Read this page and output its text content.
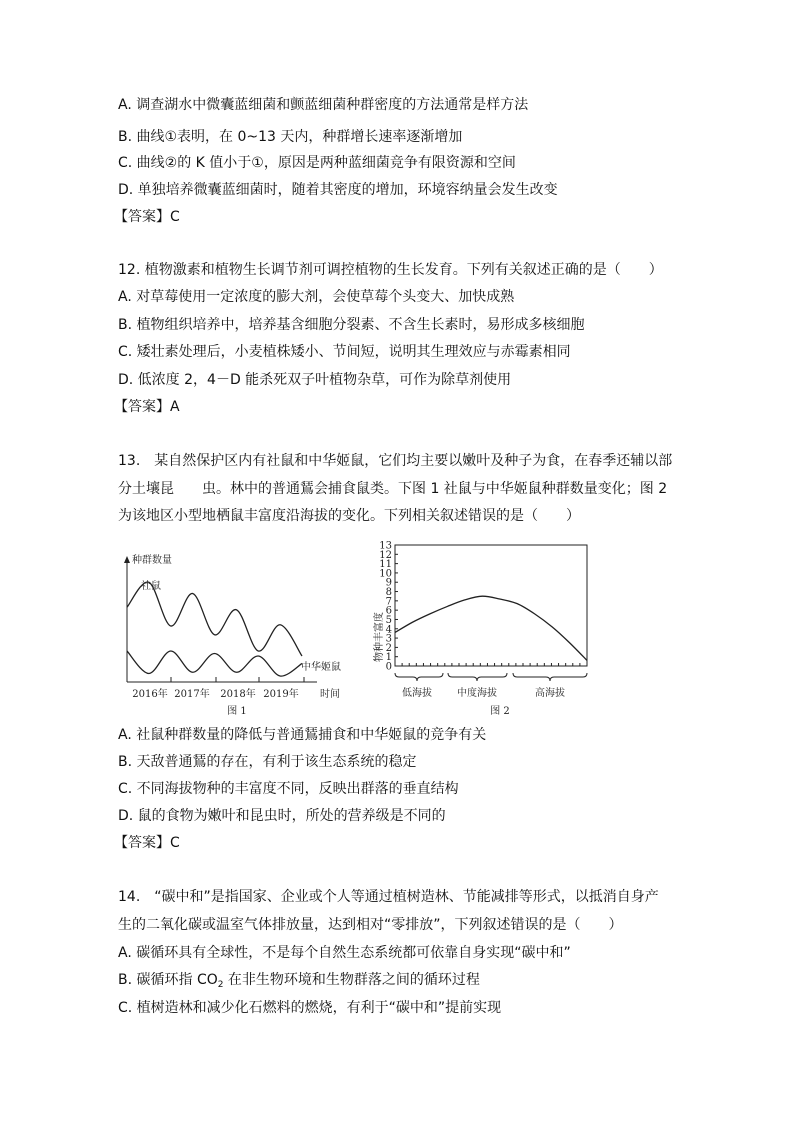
A. 调查湖水中微囊蓝细菌和颤蓝细菌种群密度的方法通常是样方法
B. 曲线①表明，在 0~13 天内，种群增长速率逐渐增加
C. 曲线②的 K 值小于①，原因是两种蓝细菌竞争有限资源和空间
D. 单独培养微囊蓝细菌时，随着其密度的增加，环境容纳量会发生改变
【答案】C
12. 植物激素和植物生长调节剂可调控植物的生长发育。下列有关叙述正确的是（　　）
A. 对草莓使用一定浓度的膨大剂，会使草莓个头变大、加快成熟
B. 植物组织培养中，培养基含细胞分裂素、不含生长素时，易形成多核细胞
C. 矮壮素处理后，小麦植株矮小、节间短，说明其生理效应与赤霉素相同
D. 低浓度 2，4－D 能杀死双子叶植物杂草，可作为除草剂使用
【答案】A
13.　某自然保护区内有社鼠和中华姬鼠，它们均主要以嫩叶及种子为食，在春季还辅以部
分土壤昆　　虫。林中的普通鵟会捕食鼠类。下图 1 社鼠与中华姬鼠种群数量变化；图 2
为该地区小型地栖鼠丰富度沿海拔的变化。下列相关叙述错误的是（　　）
种群数量
时间
2016年 2017年 2018年 2019年
社鼠
中华姬鼠
图 1
0
1
2
3
4
5
6
7
8
9
10
11
12
13
物种丰富度
低海拔	中度海拔	高海拔
图 2
A. 社鼠种群数量的降低与普通鵟捕食和中华姬鼠的竞争有关
B. 天敌普通鵟的存在，有利于该生态系统的稳定
C. 不同海拔物种的丰富度不同，反映出群落的垂直结构
D. 鼠的食物为嫩叶和昆虫时，所处的营养级是不同的
【答案】C
14.　“碳中和”是指国家、企业或个人等通过植树造林、节能减排等形式，以抵消自身产
生的二氧化碳或温室气体排放量，达到相对“零排放”，下列叙述错误的是（　　）
A. 碳循环具有全球性，不是每个自然生态系统都可依靠自身实现“碳中和”
B. 碳循环指 $CO_2$ 在非生物环境和生物群落之间的循环过程
C. 植树造林和减少化石燃料的燃烧，有利于“碳中和”提前实现
